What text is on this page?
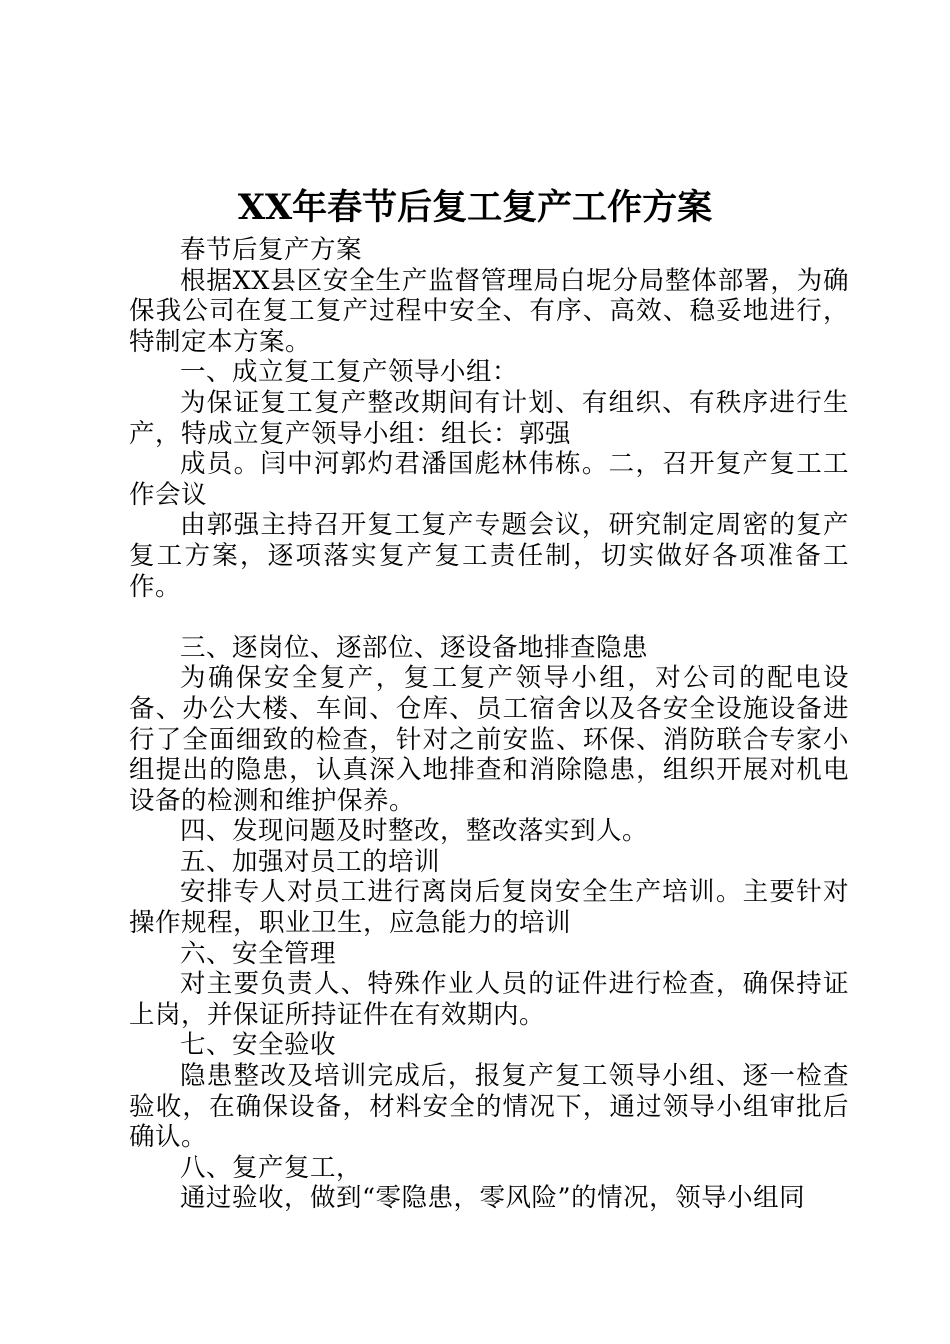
XX年春节后复工复产工作方案

春节后复产方案

根据XX县区安全生产监督管理局白坭分局整体部署，为确保我公司在复工复产过程中安全、有序、高效、稳妥地进行，特制定本方案。

一、成立复工复产领导小组：

为保证复工复产整改期间有计划、有组织、有秩序进行生产，特成立复产领导小组：组长：郭强

成员。闫中河郭灼君潘国彪林伟栋。二，召开复产复工工作会议

由郭强主持召开复工复产专题会议，研究制定周密的复产复工方案，逐项落实复产复工责任制，切实做好各项准备工作。

三、逐岗位、逐部位、逐设备地排查隐患

为确保安全复产，复工复产领导小组，对公司的配电设备、办公大楼、车间、仓库、员工宿舍以及各安全设施设备进行了全面细致的检查，针对之前安监、环保、消防联合专家小组提出的隐患，认真深入地排查和消除隐患，组织开展对机电设备的检测和维护保养。

四、发现问题及时整改，整改落实到人。

五、加强对员工的培训

安排专人对员工进行离岗后复岗安全生产培训。主要针对操作规程，职业卫生，应急能力的培训

六、安全管理

对主要负责人、特殊作业人员的证件进行检查，确保持证上岗，并保证所持证件在有效期内。

七、安全验收

隐患整改及培训完成后，报复产复工领导小组、逐一检查验收，在确保设备，材料安全的情况下，通过领导小组审批后确认。

八、复产复工，

通过验收，做到“零隐患，零风险”的情况，领导小组同
